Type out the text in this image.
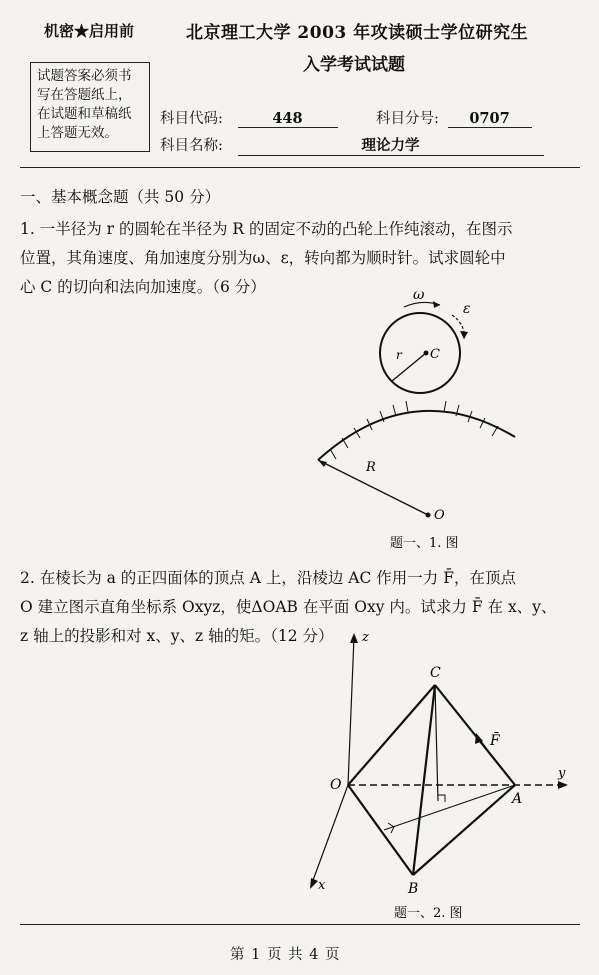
机密★启用前	北京理工大学 2003 年攻读硕士学位研究生
入学考试试题
试题答案必须书
写在答题纸上，
在试题和草稿纸
上答题无效。
科目代码:	448	科目分号: 0707
科目名称:	理论力学
一、基本概念题（共 50 分）
1. 一半径为 r 的圆轮在半径为 R 的固定不动的凸轮上作纯滚动，在图示
位置，其角速度、角加速度分别为ω、ε，转向都为顺时针。试求圆轮中
心 C 的切向和法向加速度。（6 分）	ω
ε
r C
R
O
题一、1. 图
2. 在棱长为 a 的正四面体的顶点 A 上，沿棱边 AC 作用一力 F̄，在顶点
O 建立图示直角坐标系 Oxyz，使ΔOAB 在平面 Oxy 内。试求力 F̄ 在 x、y、
z 轴上的投影和对 x、y、z 轴的矩。（12 分）	z
C
F̄
y
O
A
x	B
题一、2. 图
第 1 页 共 4 页
